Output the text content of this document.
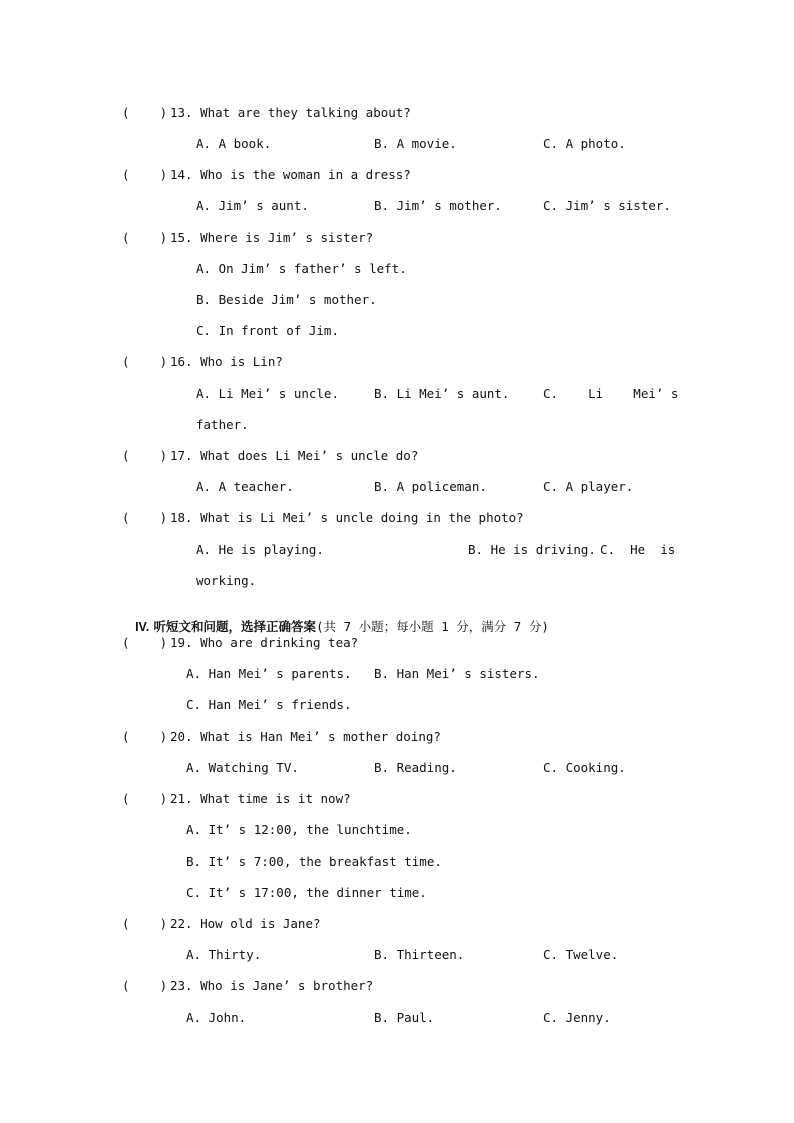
(    ) 13. What are they talking about?
A. A book.	B. A movie.	C. A photo.
(    ) 14. Who is the woman in a dress?
A. Jim’ s aunt.	B. Jim’ s mother.	C. Jim’ s sister.
(    ) 15. Where is Jim’ s sister?
A. On Jim’ s father’ s left.
B. Beside Jim’ s mother.
C. In front of Jim.
(    ) 16. Who is Lin?
A. Li Mei’ s uncle.	B. Li Mei’ s aunt.	C.    Li    Mei’ s
father.
(    ) 17. What does Li Mei’ s uncle do?
A. A teacher.	B. A policeman.	C. A player.
(    ) 18. What is Li Mei’ s uncle doing in the photo?
A. He is playing.	B. He is driving. C.  He  is
working.

IV. 听短文和问题，选择正确答案(共 7 小题；每小题 1 分，满分 7 分)

(    ) 19. Who are drinking tea?
A. Han Mei’ s parents. B. Han Mei’ s sisters.
C. Han Mei’ s friends.
(    ) 20. What is Han Mei’ s mother doing?
A. Watching TV.	B. Reading.	C. Cooking.
(    ) 21. What time is it now?
A. It’ s 12:00, the lunchtime.
B. It’ s 7:00, the breakfast time.
C. It’ s 17:00, the dinner time.
(    ) 22. How old is Jane?
A. Thirty.	B. Thirteen.	C. Twelve.
(    ) 23. Who is Jane’ s brother?
A. John.	B. Paul.	C. Jenny.
